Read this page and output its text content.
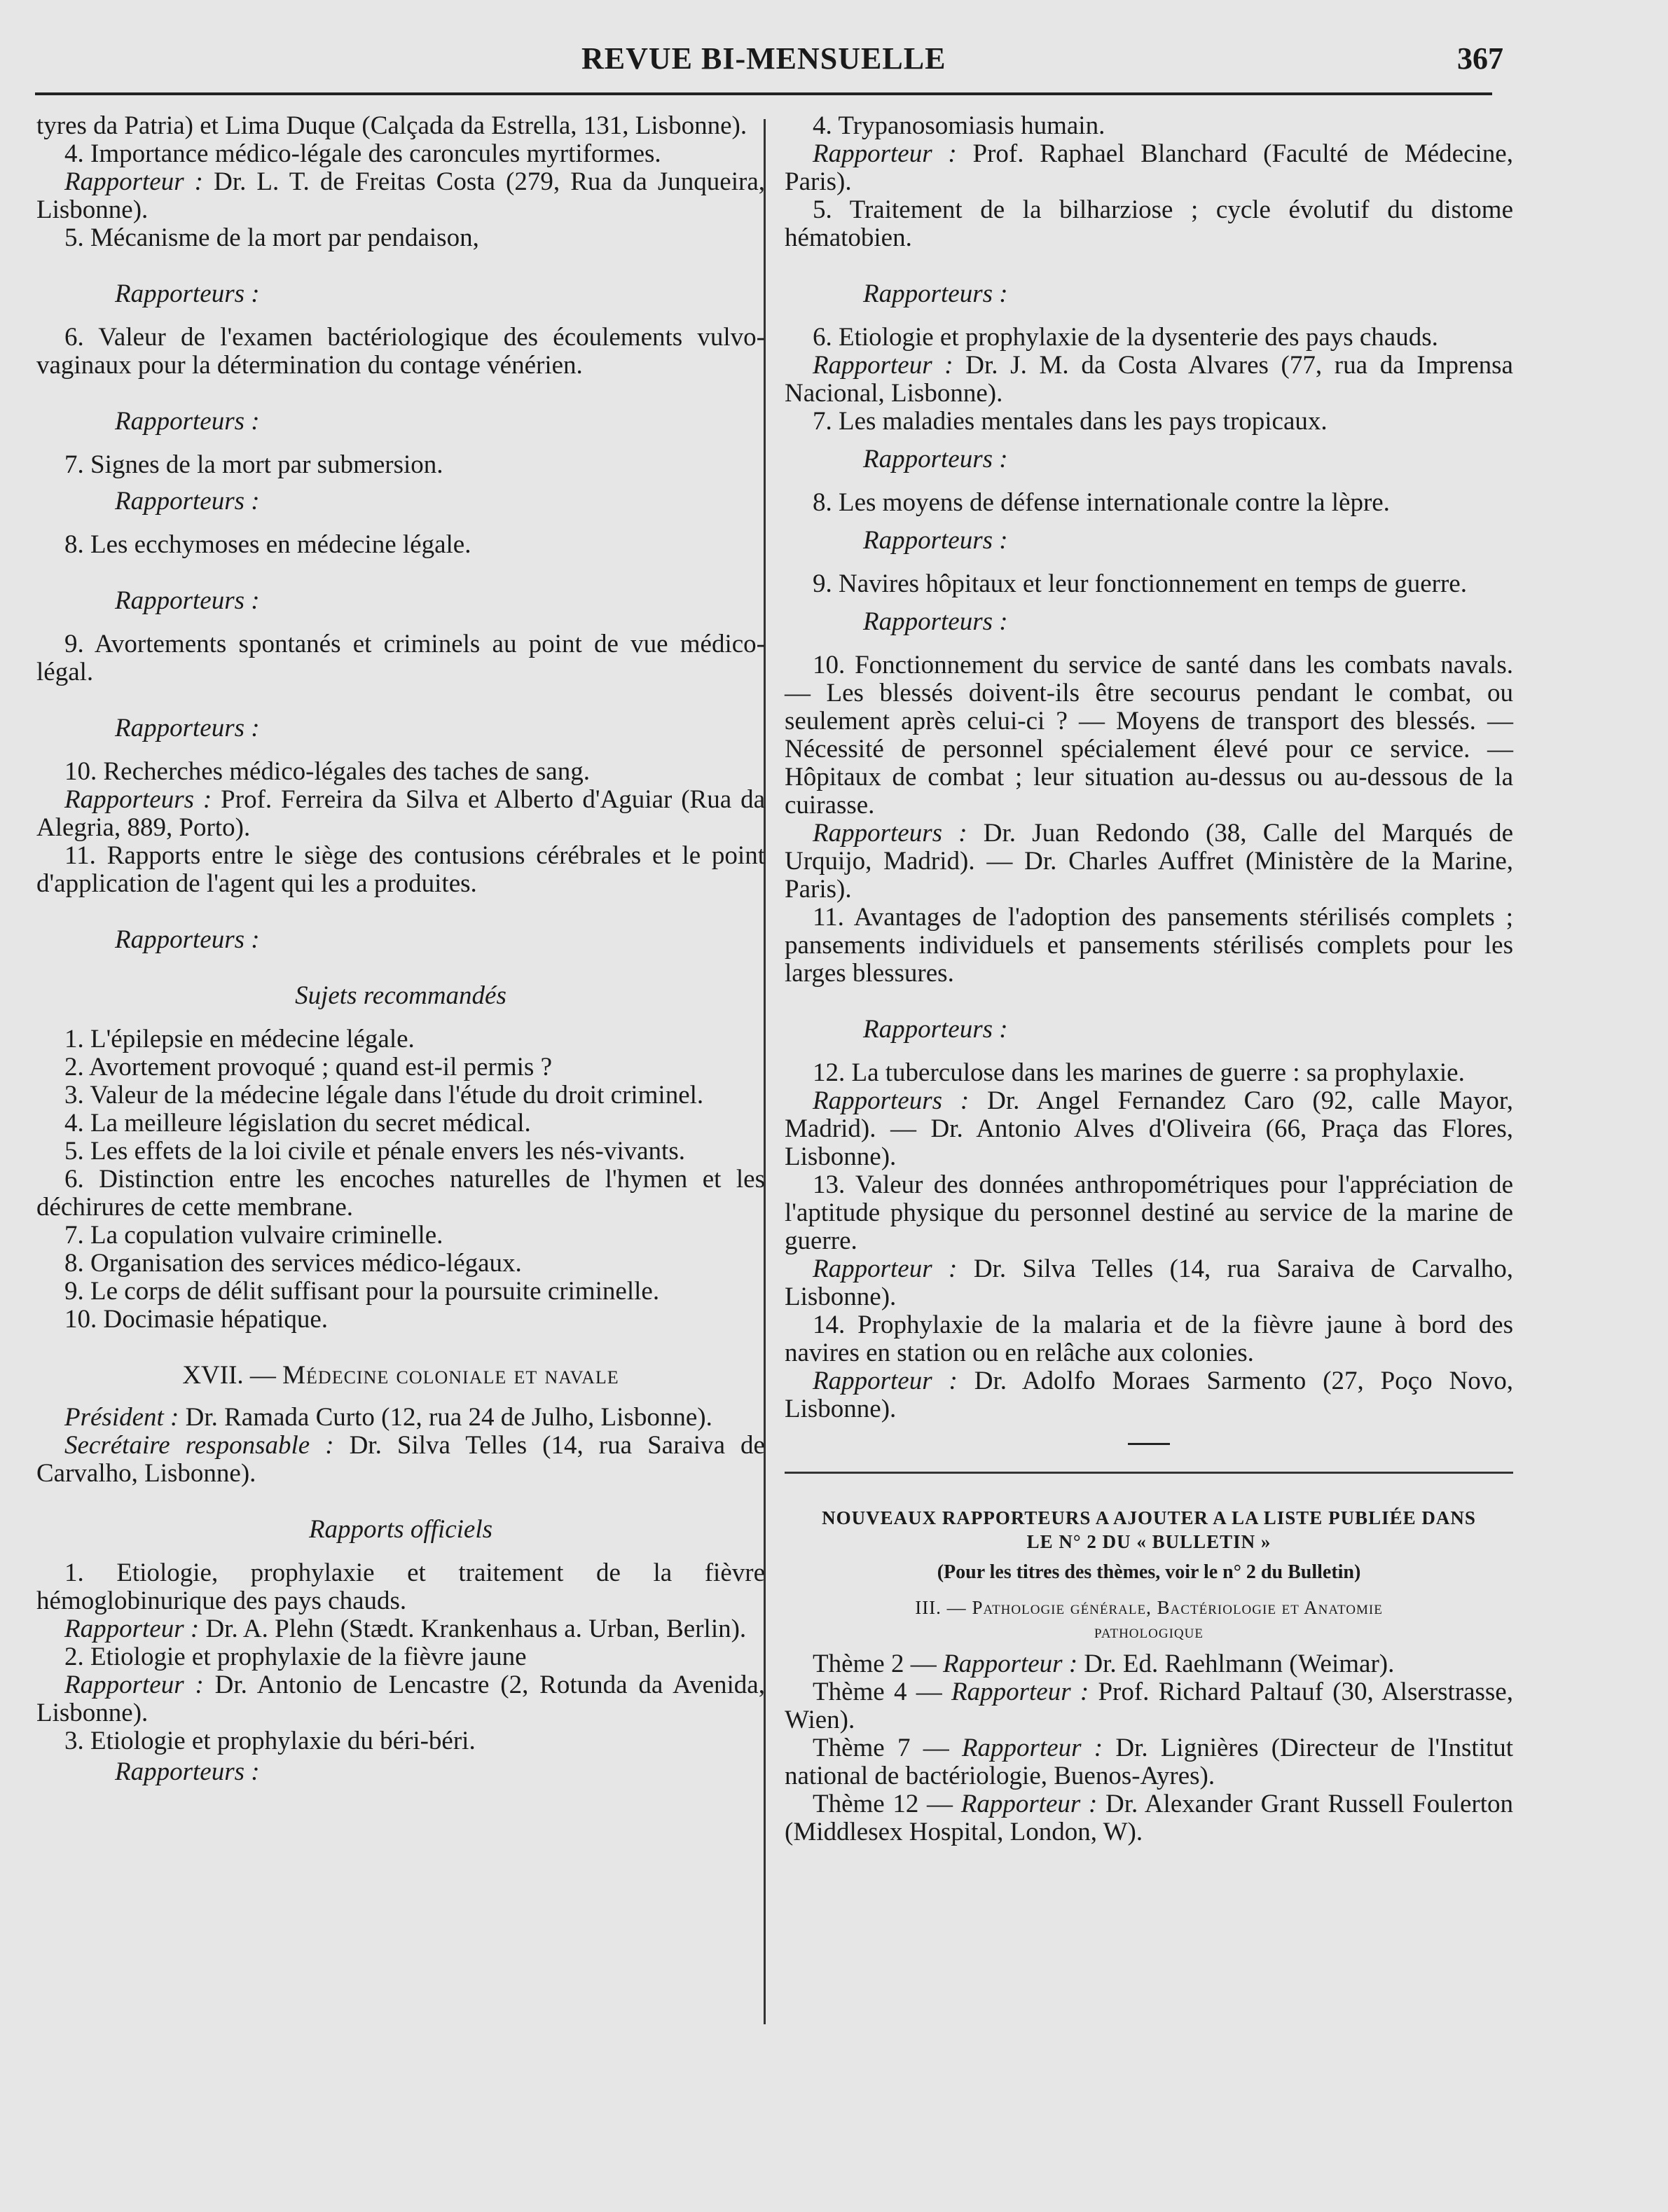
REVUE BI-MENSUELLE	367

tyres da Patria) et Lima Duque (Calçada da Estrella, 131, Lisbonne).

4. Importance médico-légale des caroncules myrtiformes.

Rapporteur : Dr. L. T. de Freitas Costa (279, Rua da Junqueira, Lisbonne).

5. Mécanisme de la mort par pendaison,

Rapporteurs :

6. Valeur de l'examen bactériologique des écoulements vulvo-vaginaux pour la détermination du contage vénérien.

Rapporteurs :

7. Signes de la mort par submersion.

Rapporteurs :

8. Les ecchymoses en médecine légale.

Rapporteurs :

9. Avortements spontanés et criminels au point de vue médico-légal.

Rapporteurs :

10. Recherches médico-légales des taches de sang.

Rapporteurs : Prof. Ferreira da Silva et Alberto d'Aguiar (Rua da Alegria, 889, Porto).

11. Rapports entre le siège des contusions cérébrales et le point d'application de l'agent qui les a produites.

Rapporteurs :
Sujets recommandés

1. L'épilepsie en médecine légale.

2. Avortement provoqué ; quand est-il permis ?

3. Valeur de la médecine légale dans l'étude du droit criminel.

4. La meilleure législation du secret médical.

5. Les effets de la loi civile et pénale envers les nés-vivants.

6. Distinction entre les encoches naturelles de l'hymen et les déchirures de cette membrane.

7. La copulation vulvaire criminelle.

8. Organisation des services médico-légaux.

9. Le corps de délit suffisant pour la poursuite criminelle.

10. Docimasie hépatique.

XVII. — Médecine coloniale et navale

Président : Dr. Ramada Curto (12, rua 24 de Julho, Lisbonne).

Secrétaire responsable : Dr. Silva Telles (14, rua Saraiva de Carvalho, Lisbonne).

Rapports officiels

1. Etiologie, prophylaxie et traitement de la fièvre hémoglobinurique des pays chauds.

Rapporteur : Dr. A. Plehn (Stædt. Krankenhaus a. Urban, Berlin).

2. Etiologie et prophylaxie de la fièvre jaune

Rapporteur : Dr. Antonio de Lencastre (2, Rotunda da Avenida, Lisbonne).

3. Etiologie et prophylaxie du béri-béri.

Rapporteurs :

4. Trypanosomiasis humain.

Rapporteur : Prof. Raphael Blanchard (Faculté de Médecine, Paris).

5. Traitement de la bilharziose ; cycle évolutif du distome hématobien.

Rapporteurs :

6. Etiologie et prophylaxie de la dysenterie des pays chauds.

Rapporteur : Dr. J. M. da Costa Alvares (77, rua da Imprensa Nacional, Lisbonne).

7. Les maladies mentales dans les pays tropicaux.

Rapporteurs :

8. Les moyens de défense internationale contre la lèpre.

Rapporteurs :

9. Navires hôpitaux et leur fonctionnement en temps de guerre.

Rapporteurs :

10. Fonctionnement du service de santé dans les combats navals. — Les blessés doivent-ils être secourus pendant le combat, ou seulement après celui-ci ? — Moyens de transport des blessés. — Nécessité de personnel spécialement élevé pour ce service. — Hôpitaux de combat ; leur situation au-dessus ou au-dessous de la cuirasse.

Rapporteurs : Dr. Juan Redondo (38, Calle del Marqués de Urquijo, Madrid). — Dr. Charles Auffret (Ministère de la Marine, Paris).

11. Avantages de l'adoption des pansements stérilisés complets ; pansements individuels et pansements stérilisés complets pour les larges blessures.

Rapporteurs :

12. La tuberculose dans les marines de guerre : sa prophylaxie.

Rapporteurs : Dr. Angel Fernandez Caro (92, calle Mayor, Madrid). — Dr. Antonio Alves d'Oliveira (66, Praça das Flores, Lisbonne).

13. Valeur des données anthropométriques pour l'appréciation de l'aptitude physique du personnel destiné au service de la marine de guerre.

Rapporteur : Dr. Silva Telles (14, rua Saraiva de Carvalho, Lisbonne).

14. Prophylaxie de la malaria et de la fièvre jaune à bord des navires en station ou en relâche aux colonies.

Rapporteur : Dr. Adolfo Moraes Sarmento (27, Poço Novo, Lisbonne).

NOUVEAUX RAPPORTEURS A AJOUTER A LA LISTE PUBLIÉE DANS
LE N° 2 DU « BULLETIN »
(Pour les titres des thèmes, voir le n° 2 du Bulletin)
III. — Pathologie générale, Bactériologie et Anatomie
pathologique

Thème 2 — Rapporteur : Dr. Ed. Raehlmann (Weimar).

Thème 4 — Rapporteur : Prof. Richard Paltauf (30, Alserstrasse, Wien).

Thème 7 — Rapporteur : Dr. Lignières (Directeur de l'Institut national de bactériologie, Buenos-Ayres).

Thème 12 — Rapporteur : Dr. Alexander Grant Russell Foulerton (Middlesex Hospital, London, W).
